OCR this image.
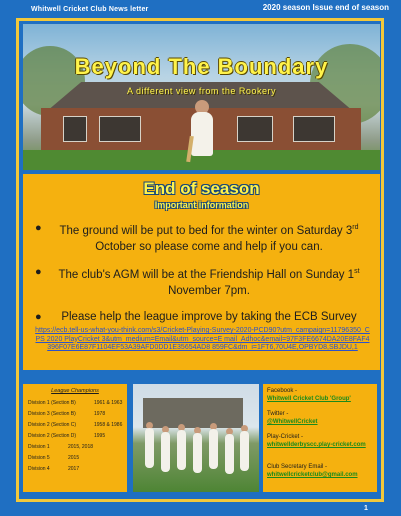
Whitwell Cricket Club News letter	2020 season Issue end of season
Beyond The Boundary
A different view from the Rookery
End of season
Important information
●	The ground will be put to bed for the winter on Saturday 3rd October so please come and help if you can.
●	The club's AGM will be at the Friendship Hall on Sunday 1st November 7pm.
●	Please help the league improve by taking the ECB Survey
https://ecb.tell-us-what-you-think.com/s3/Cricket-Playing-Survey-2020-PCD90?utm_campaign=11796350_CPS 2020 PlayCricket 3&utm_medium=Email&utm_source=E mail_Adhoc&email=97F3FE6674DA20E8FAF4396F07E6E87F1104EF53A39AFD0DD1E35654AD8 859FC&dm_i=1FT6,70U4E,OPBYD8,SBJDU,1
League Champions
Division 1 (Section B)	1961 & 1963
Division 3 (Section B)	1978
Division 2 (Section C)	1958 & 1986
Division 2 (Section D)	1995
Division 1	2015, 2018
Division 5	2015
Division 4	2017
Facebook -
Whitwell Cricket Club 'Group'
Twitter -
@WhitwellCricket
Play-Cricket -
whitwellderbyscc.play-cricket.com
Club Secretary Email -
whitwellcricketclub@gmail.com
1
